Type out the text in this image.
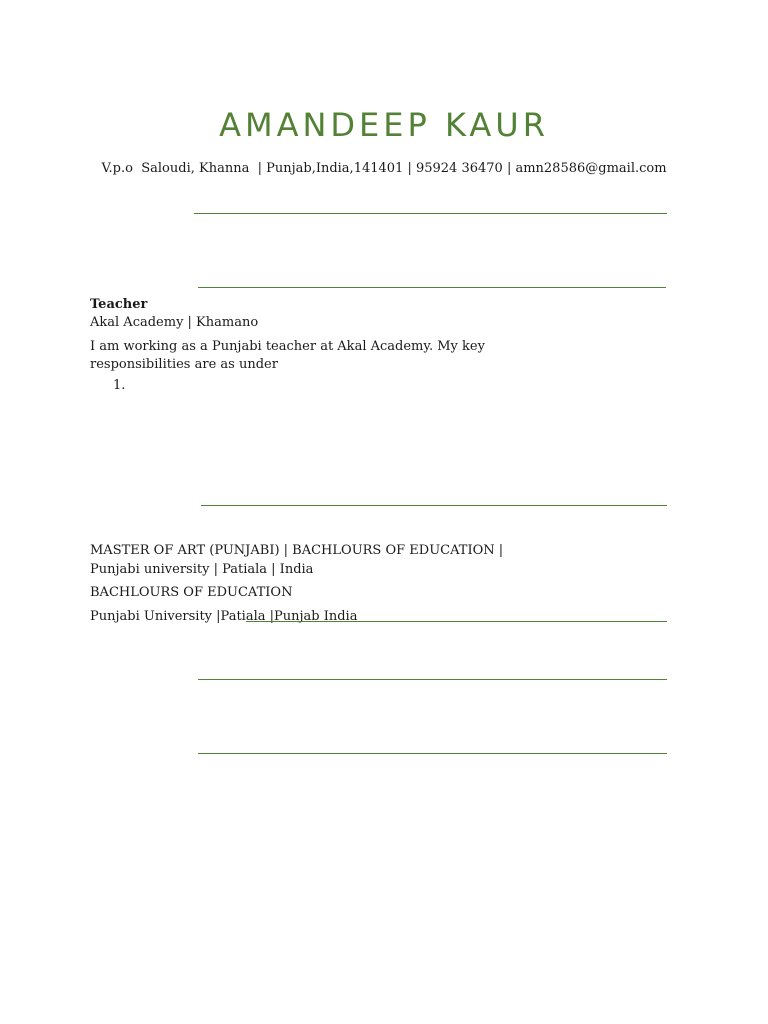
AMANDEEP KAUR
V.p.o  Saloudi, Khanna  | Punjab,India,141401 | 95924 36470 | amn28586@gmail.com
Teacher
Akal Academy | Khamano
I am working as a Punjabi teacher at Akal Academy. My key
responsibilities are as under
1.
MASTER OF ART (PUNJABI) | BACHLOURS OF EDUCATION |
Punjabi university | Patiala | India
BACHLOURS OF EDUCATION
Punjabi University |Patiala |Punjab India
